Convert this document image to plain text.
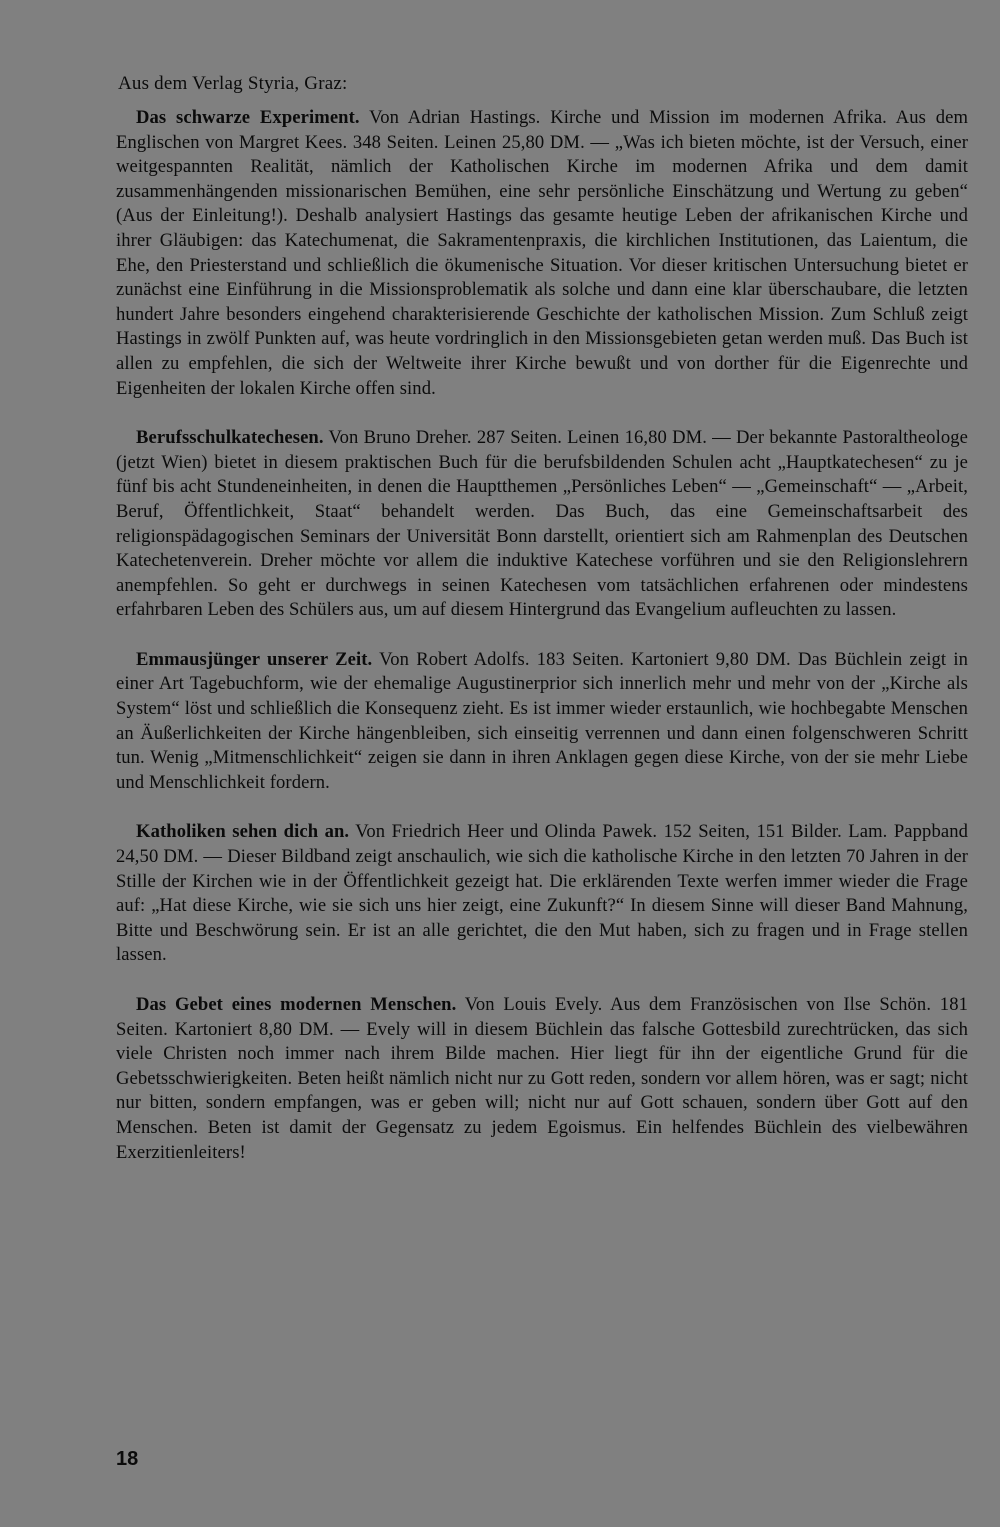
Aus dem Verlag Styria, Graz:

Das schwarze Experiment. Von Adrian Hastings. Kirche und Mission im modernen Afrika. Aus dem Englischen von Margret Kees. 348 Seiten. Leinen 25,80 DM. — „Was ich bieten möchte, ist der Versuch, einer weitgespannten Realität, nämlich der Katholischen Kirche im modernen Afrika und dem damit zusammenhängenden missionarischen Bemühen, eine sehr persönliche Einschätzung und Wertung zu geben“ (Aus der Einleitung!). Deshalb analysiert Hastings das gesamte heutige Leben der afrikanischen Kirche und ihrer Gläubigen: das Katechumenat, die Sakramentenpraxis, die kirchlichen Institutionen, das Laientum, die Ehe, den Priesterstand und schließlich die ökumenische Situation. Vor dieser kritischen Untersuchung bietet er zunächst eine Einführung in die Missionsproblematik als solche und dann eine klar überschaubare, die letzten hundert Jahre besonders eingehend charakterisierende Geschichte der katholischen Mission. Zum Schluß zeigt Hastings in zwölf Punkten auf, was heute vordringlich in den Missionsgebieten getan werden muß. Das Buch ist allen zu empfehlen, die sich der Weltweite ihrer Kirche bewußt und von dorther für die Eigenrechte und Eigenheiten der lokalen Kirche offen sind.

Berufsschulkatechesen. Von Bruno Dreher. 287 Seiten. Leinen 16,80 DM. — Der bekannte Pastoraltheologe (jetzt Wien) bietet in diesem praktischen Buch für die berufsbildenden Schulen acht „Hauptkatechesen“ zu je fünf bis acht Stundeneinheiten, in denen die Hauptthemen „Persönliches Leben“ — „Gemeinschaft“ — „Arbeit, Beruf, Öffentlichkeit, Staat“ behandelt werden. Das Buch, das eine Gemeinschaftsarbeit des religionspädagogischen Seminars der Universität Bonn darstellt, orientiert sich am Rahmenplan des Deutschen Katechetenverein. Dreher möchte vor allem die induktive Katechese vorführen und sie den Religionslehrern anempfehlen. So geht er durchwegs in seinen Katechesen vom tatsächlichen erfahrenen oder mindestens erfahrbaren Leben des Schülers aus, um auf diesem Hintergrund das Evangelium aufleuchten zu lassen.

Emmausjünger unserer Zeit. Von Robert Adolfs. 183 Seiten. Kartoniert 9,80 DM. Das Büchlein zeigt in einer Art Tagebuchform, wie der ehemalige Augustinerprior sich innerlich mehr und mehr von der „Kirche als System“ löst und schließlich die Konsequenz zieht. Es ist immer wieder erstaunlich, wie hochbegabte Menschen an Äußerlichkeiten der Kirche hängenbleiben, sich einseitig verrennen und dann einen folgenschweren Schritt tun. Wenig „Mitmenschlichkeit“ zeigen sie dann in ihren Anklagen gegen diese Kirche, von der sie mehr Liebe und Menschlichkeit fordern.

Katholiken sehen dich an. Von Friedrich Heer und Olinda Pawek. 152 Seiten, 151 Bilder. Lam. Pappband 24,50 DM. — Dieser Bildband zeigt anschaulich, wie sich die katholische Kirche in den letzten 70 Jahren in der Stille der Kirchen wie in der Öffentlichkeit gezeigt hat. Die erklärenden Texte werfen immer wieder die Frage auf: „Hat diese Kirche, wie sie sich uns hier zeigt, eine Zukunft?“ In diesem Sinne will dieser Band Mahnung, Bitte und Beschwörung sein. Er ist an alle gerichtet, die den Mut haben, sich zu fragen und in Frage stellen lassen.

Das Gebet eines modernen Menschen. Von Louis Evely. Aus dem Französischen von Ilse Schön. 181 Seiten. Kartoniert 8,80 DM. — Evely will in diesem Büchlein das falsche Gottesbild zurechtrücken, das sich viele Christen noch immer nach ihrem Bilde machen. Hier liegt für ihn der eigentliche Grund für die Gebetsschwierigkeiten. Beten heißt nämlich nicht nur zu Gott reden, sondern vor allem hören, was er sagt; nicht nur bitten, sondern empfangen, was er geben will; nicht nur auf Gott schauen, sondern über Gott auf den Menschen. Beten ist damit der Gegensatz zu jedem Egoismus. Ein helfendes Büchlein des vielbewähren Exerzitienleiters!

18
